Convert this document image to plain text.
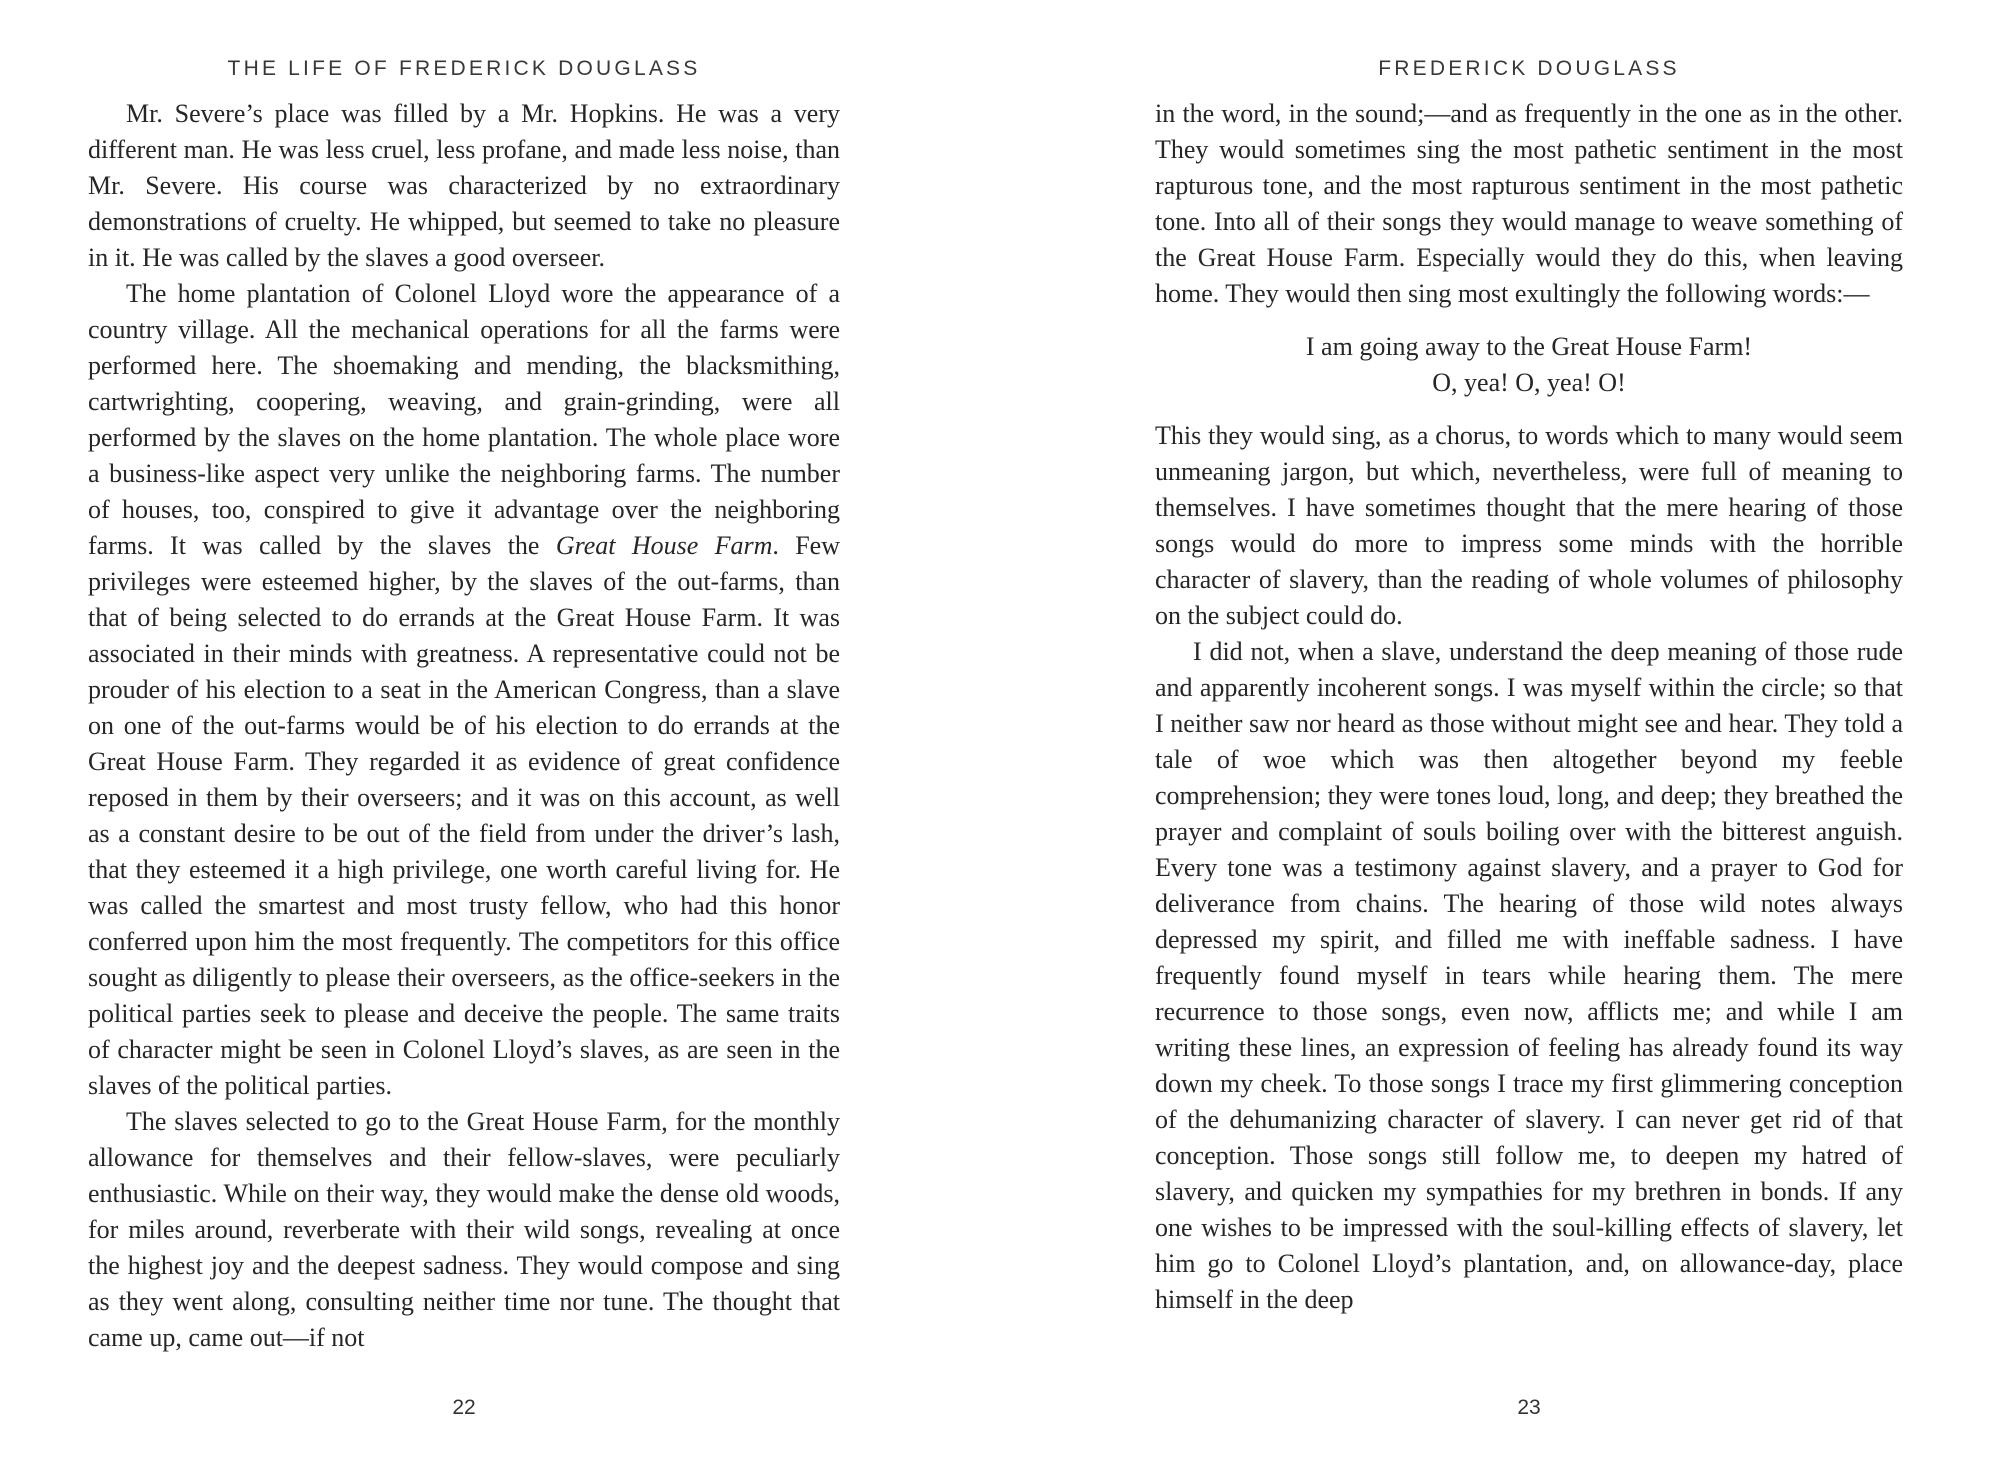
THE LIFE OF FREDERICK DOUGLASS

Mr. Severe’s place was filled by a Mr. Hopkins. He was a very different man. He was less cruel, less profane, and made less noise, than Mr. Severe. His course was characterized by no extraordinary demonstrations of cruelty. He whipped, but seemed to take no pleasure in it. He was called by the slaves a good overseer.

The home plantation of Colonel Lloyd wore the appearance of a country village. All the mechanical operations for all the farms were performed here. The shoemaking and mending, the blacksmithing, cartwrighting, coopering, weaving, and grain-grinding, were all performed by the slaves on the home plantation. The whole place wore a business-like aspect very unlike the neighboring farms. The number of houses, too, conspired to give it advantage over the neighboring farms. It was called by the slaves the Great House Farm. Few privileges were esteemed higher, by the slaves of the out-farms, than that of being selected to do errands at the Great House Farm. It was associated in their minds with greatness. A representative could not be prouder of his election to a seat in the American Congress, than a slave on one of the out-farms would be of his election to do errands at the Great House Farm. They regarded it as evidence of great confidence reposed in them by their overseers; and it was on this account, as well as a constant desire to be out of the field from under the driver’s lash, that they esteemed it a high privilege, one worth careful living for. He was called the smartest and most trusty fellow, who had this honor conferred upon him the most frequently. The competitors for this office sought as diligently to please their overseers, as the office-seekers in the political parties seek to please and deceive the people. The same traits of character might be seen in Colonel Lloyd’s slaves, as are seen in the slaves of the political parties.

The slaves selected to go to the Great House Farm, for the monthly allowance for themselves and their fellow-slaves, were peculiarly enthusiastic. While on their way, they would make the dense old woods, for miles around, reverberate with their wild songs, revealing at once the highest joy and the deepest sadness. They would compose and sing as they went along, consulting neither time nor tune. The thought that came up, came out—if not

22
FREDERICK DOUGLASS

in the word, in the sound;—and as frequently in the one as in the other. They would sometimes sing the most pathetic sentiment in the most rapturous tone, and the most rapturous sentiment in the most pathetic tone. Into all of their songs they would manage to weave something of the Great House Farm. Especially would they do this, when leaving home. They would then sing most exultingly the following words:—

I am going away to the Great House Farm!
O, yea! O, yea! O!

This they would sing, as a chorus, to words which to many would seem unmeaning jargon, but which, nevertheless, were full of meaning to themselves. I have sometimes thought that the mere hearing of those songs would do more to impress some minds with the horrible character of slavery, than the reading of whole volumes of philosophy on the subject could do.

I did not, when a slave, understand the deep meaning of those rude and apparently incoherent songs. I was myself within the circle; so that I neither saw nor heard as those without might see and hear. They told a tale of woe which was then altogether beyond my feeble comprehension; they were tones loud, long, and deep; they breathed the prayer and complaint of souls boiling over with the bitterest anguish. Every tone was a testimony against slavery, and a prayer to God for deliverance from chains. The hearing of those wild notes always depressed my spirit, and filled me with ineffable sadness. I have frequently found myself in tears while hearing them. The mere recurrence to those songs, even now, afflicts me; and while I am writing these lines, an expression of feeling has already found its way down my cheek. To those songs I trace my first glimmering conception of the dehumanizing character of slavery. I can never get rid of that conception. Those songs still follow me, to deepen my hatred of slavery, and quicken my sympathies for my brethren in bonds. If any one wishes to be impressed with the soul-killing effects of slavery, let him go to Colonel Lloyd’s plantation, and, on allowance-day, place himself in the deep

23
